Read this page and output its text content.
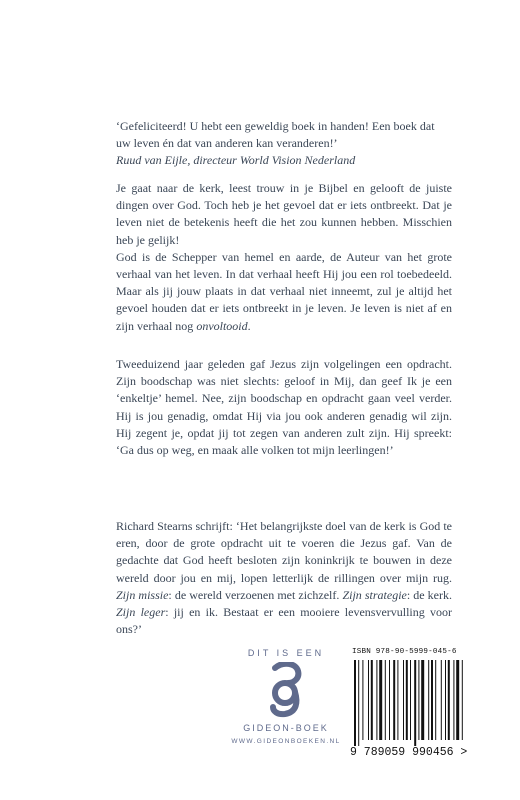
‘Gefeliciteerd! U hebt een geweldig boek in handen! Een boek dat uw leven én dat van anderen kan veranderen!’

Ruud van Eijle, directeur World Vision Nederland

Je gaat naar de kerk, leest trouw in je Bijbel en gelooft de juiste dingen over God. Toch heb je het gevoel dat er iets ontbreekt. Dat je leven niet de betekenis heeft die het zou kunnen hebben. Misschien heb je gelijk!

God is de Schepper van hemel en aarde, de Auteur van het grote verhaal van het leven. In dat verhaal heeft Hij jou een rol toebedeeld. Maar als jij jouw plaats in dat verhaal niet inneemt, zul je altijd het gevoel houden dat er iets ontbreekt in je leven. Je leven is niet af en zijn verhaal nog onvoltooid.

Tweeduizend jaar geleden gaf Jezus zijn volgelingen een opdracht. Zijn boodschap was niet slechts: geloof in Mij, dan geef Ik je een ‘enkeltje’ hemel. Nee, zijn boodschap en opdracht gaan veel verder. Hij is jou genadig, omdat Hij via jou ook anderen genadig wil zijn. Hij zegent je, opdat jij tot zegen van anderen zult zijn. Hij spreekt: ‘Ga dus op weg, en maak alle volken tot mijn leerlingen!’

Richard Stearns schrijft: ‘Het belangrijkste doel van de kerk is God te eren, door de grote opdracht uit te voeren die Jezus gaf. Van de gedachte dat God heeft besloten zijn koninkrijk te bouwen in deze wereld door jou en mij, lopen letterlijk de rillingen over mijn rug. Zijn missie: de wereld verzoenen met zichzelf. Zijn strategie: de kerk. Zijn leger: jij en ik. Bestaat er een mooiere levensvervulling voor ons?’

DIT IS EEN
GIDEON-BOEK
WWW.GIDEONBOEKEN.NL
ISBN 978-90-5999-045-6
9 789059 990456 >
